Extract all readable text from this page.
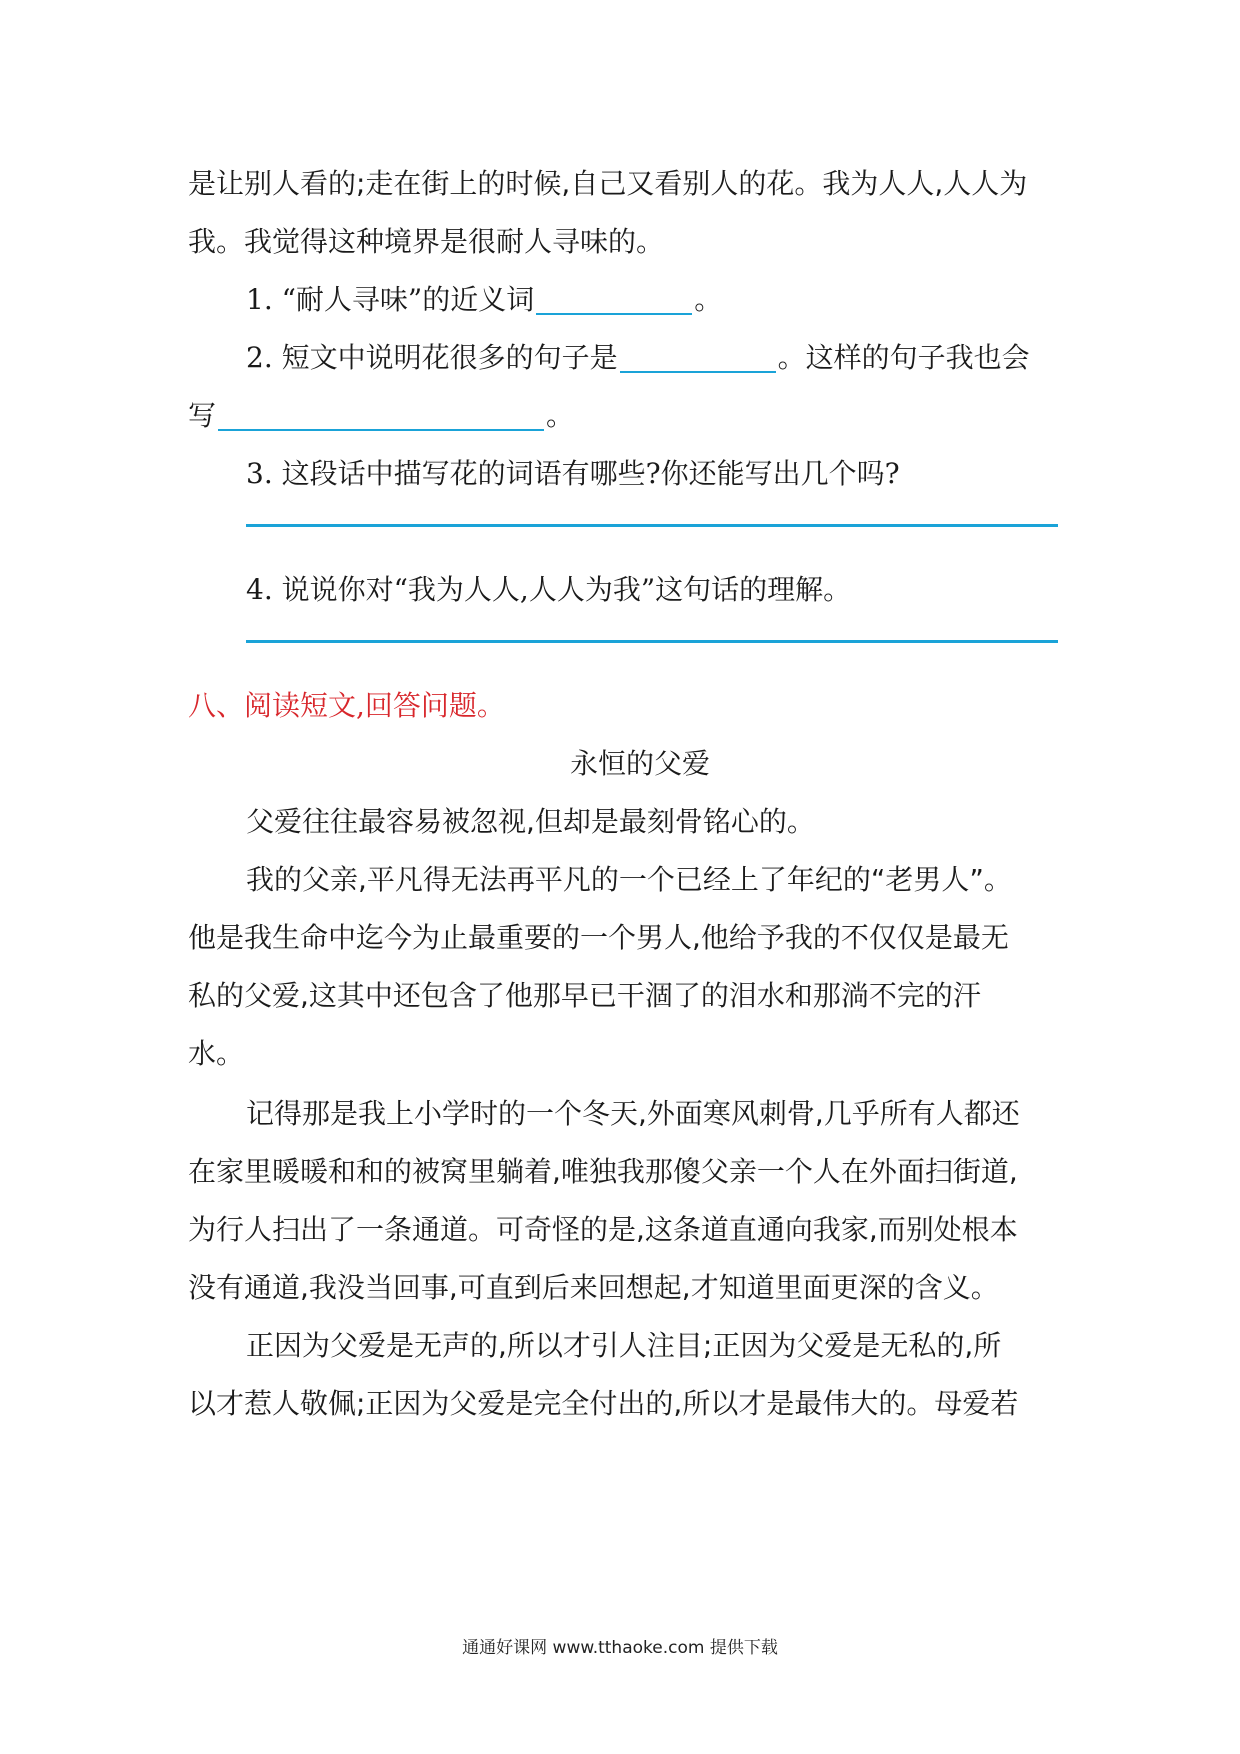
是让别人看的;走在街上的时候,自己又看别人的花。我为人人,人人为
我。我觉得这种境界是很耐人寻味的。
1. “耐人寻味”的近义词	。
2. 短文中说明花很多的句子是	。这样的句子我也会
写	。
3. 这段话中描写花的词语有哪些?你还能写出几个吗?
4. 说说你对“我为人人,人人为我”这句话的理解。
八、阅读短文,回答问题。
永恒的父爱
父爱往往最容易被忽视,但却是最刻骨铭心的。
我的父亲,平凡得无法再平凡的一个已经上了年纪的“老男人”。
他是我生命中迄今为止最重要的一个男人,他给予我的不仅仅是最无
私的父爱,这其中还包含了他那早已干涸了的泪水和那淌不完的汗
水。
记得那是我上小学时的一个冬天,外面寒风刺骨,几乎所有人都还
在家里暖暖和和的被窝里躺着,唯独我那傻父亲一个人在外面扫街道,
为行人扫出了一条通道。可奇怪的是,这条道直通向我家,而别处根本
没有通道,我没当回事,可直到后来回想起,才知道里面更深的含义。
正因为父爱是无声的,所以才引人注目;正因为父爱是无私的,所
以才惹人敬佩;正因为父爱是完全付出的,所以才是最伟大的。母爱若
通通好课网 www.tthaoke.com 提供下载
